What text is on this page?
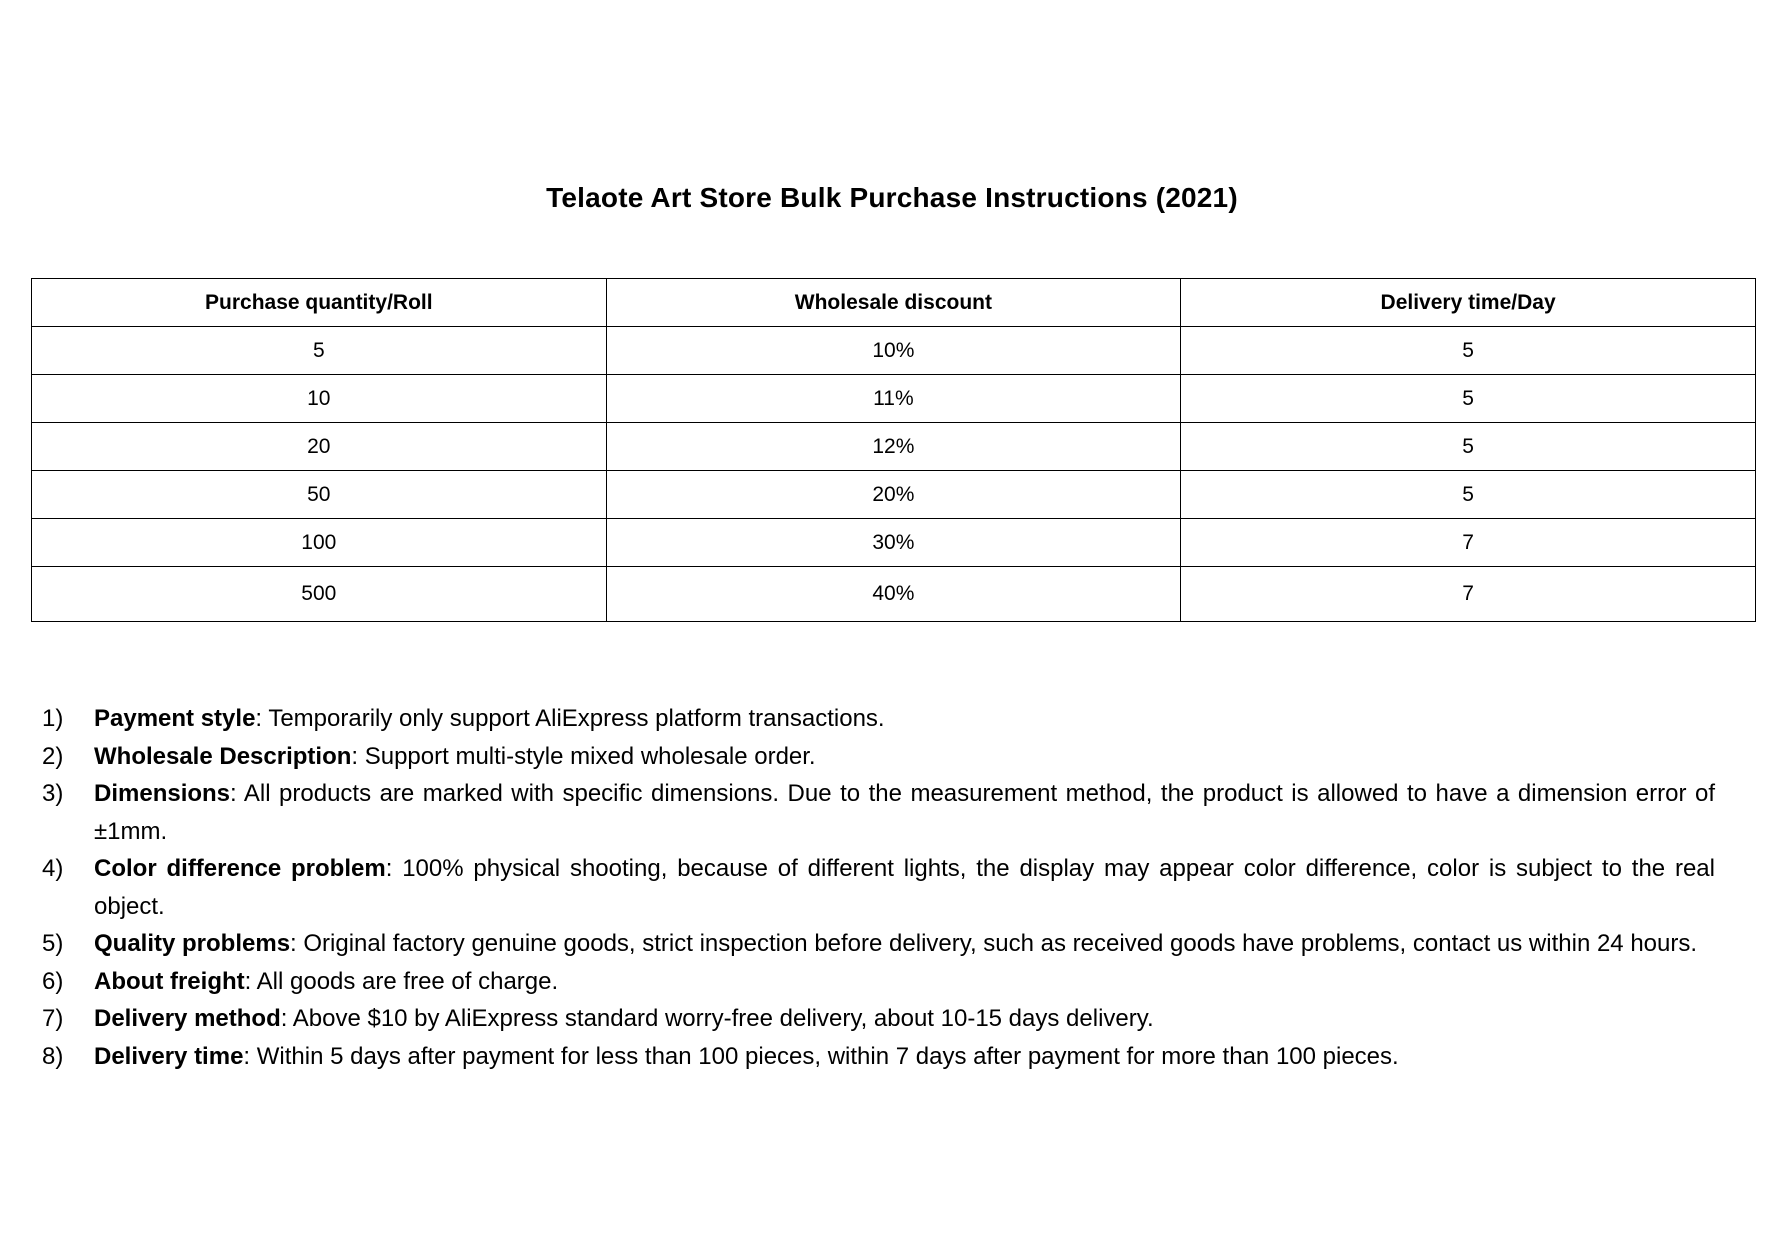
Telaote Art Store Bulk Purchase Instructions (2021)
Purchase quantity/Roll	Wholesale discount	Delivery time/Day
5	10%	5
10	11%	5
20	12%	5
50	20%	5
100	30%	7
500	40%	7
1) Payment style: Temporarily only support AliExpress platform transactions.
2) Wholesale Description: Support multi-style mixed wholesale order.
3) Dimensions: All products are marked with specific dimensions. Due to the measurement method, the product is allowed to have a dimension error of ±1mm.
4) Color difference problem: 100% physical shooting, because of different lights, the display may appear color difference, color is subject to the real object.
5) Quality problems: Original factory genuine goods, strict inspection before delivery, such as received goods have problems, contact us within 24 hours.
6) About freight: All goods are free of charge.
7) Delivery method: Above $10 by AliExpress standard worry-free delivery, about 10-15 days delivery.
8) Delivery time: Within 5 days after payment for less than 100 pieces, within 7 days after payment for more than 100 pieces.
